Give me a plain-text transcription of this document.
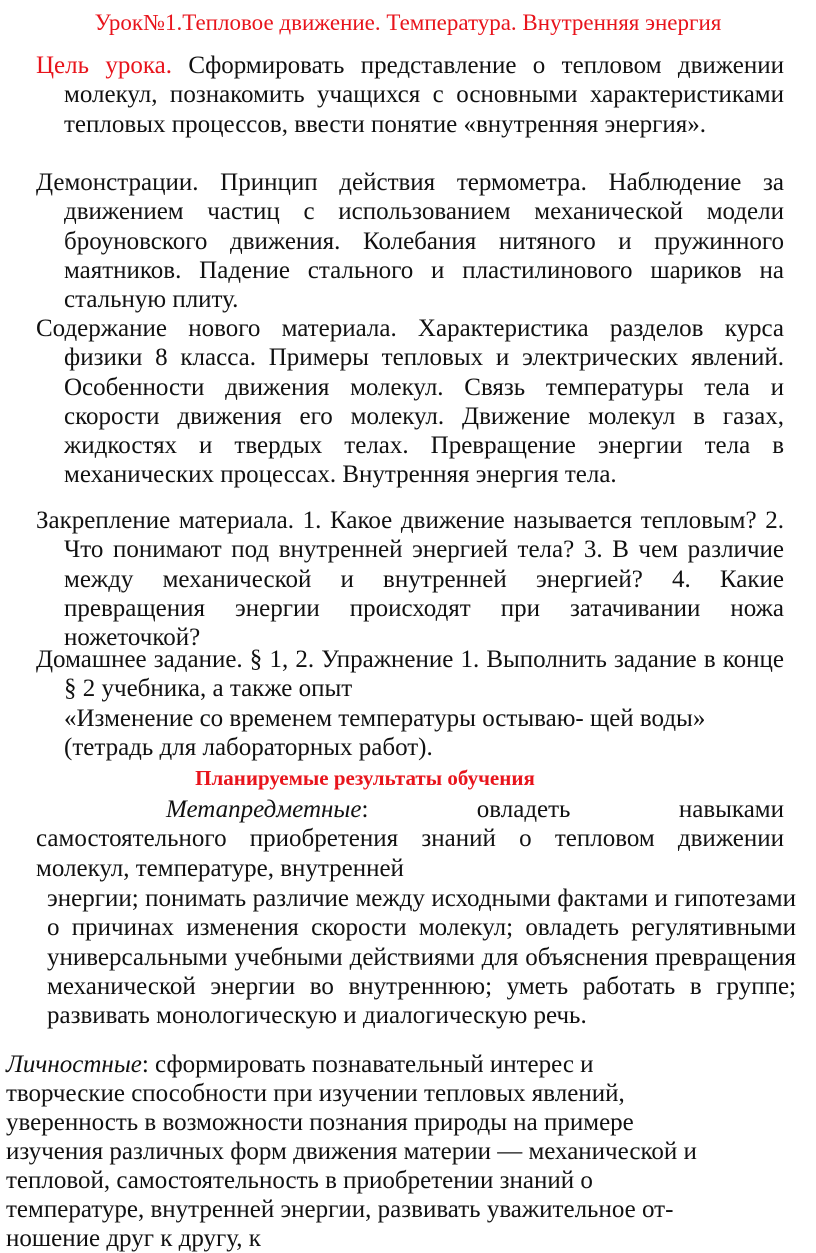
Урок№1.Тепловое движение. Температура. Внутренняя энергия

Цель урока. Сформировать представление о тепловом движении молекул, познакомить учащихся с основными характеристиками тепловых процессов, ввести понятие «внутренняя энергия».

Демонстрации. Принцип действия термометра. Наблюдение за движением частиц с использованием механической модели броуновского движения. Колебания нитяного и пружинного маятников. Падение стального и пластилинового шариков на стальную плиту.

Содержание нового материала. Характеристика разделов курса физики 8 класса. Примеры тепловых и электрических явлений. Особенности движения молекул. Связь температуры тела и скорости движения его молекул. Движение молекул в газах, жидкостях и твердых телах. Превращение энергии тела в механических процессах. Внутренняя энергия тела.

Закрепление материала. 1. Какое движение называется тепловым? 2. Что понимают под внутренней энергией тела? 3. В чем различие между механической и внутренней энергией? 4. Какие превращения энергии происходят при затачивании ножа ножеточкой?

Домашнее задание. § 1, 2. Упражнение 1. Выполнить задание в конце § 2 учебника, а также опыт
«Изменение со временем температуры остываю- щей воды»
(тетрадь для лабораторных работ).
Планируемые результаты обучения
Метапредметные: овладеть навыками
самостоятельного приобретения знаний о тепловом движении молекул, температуре, внутренней

энергии; понимать различие между исходными фактами и гипотезами о причинах изменения скорости молекул; овладеть регулятивными универсальными учебными действиями для объяснения превращения механической энергии во внутреннюю; уметь работать в группе; развивать монологическую и диалогическую речь.

Личностные: сформировать познавательный интерес и
творческие способности при изучении тепловых явлений,
уверенность в возможности познания природы на примере
изучения различных форм движения материи — механической и
тепловой, самостоятельность в приобретении знаний о
температуре, внутренней энергии, развивать уважительное от-
ношение друг к другу, к
